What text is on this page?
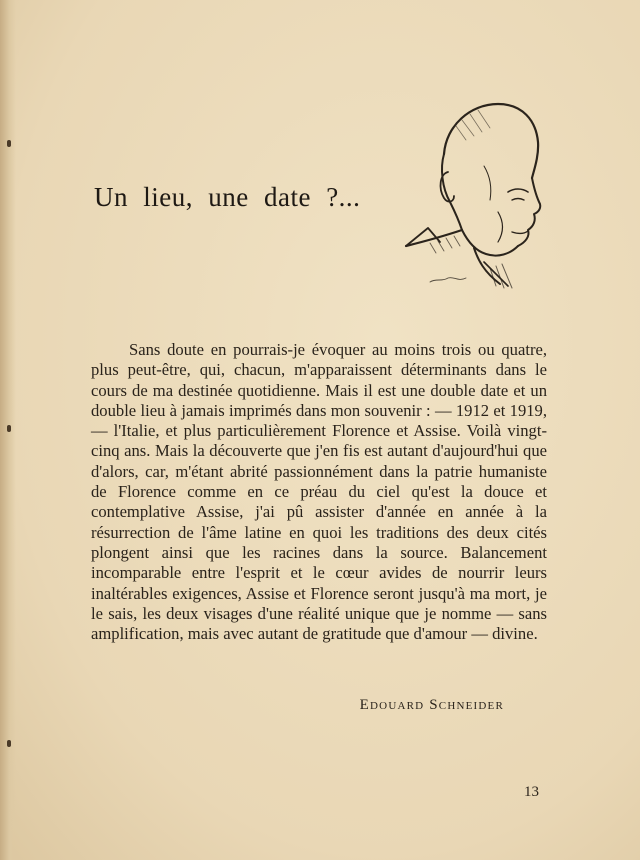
Un lieu, une date ?...

Sans doute en pourrais-je évoquer au moins trois ou quatre, plus peut-être, qui, chacun, m'apparaissent déterminants dans le cours de ma destinée quotidienne. Mais il est une double date et un double lieu à jamais imprimés dans mon souvenir : — 1912 et 1919, — l'Italie, et plus particulièrement Florence et Assise. Voilà vingt-cinq ans. Mais la découverte que j'en fis est autant d'aujourd'hui que d'alors, car, m'étant abrité passionnément dans la patrie humaniste de Florence comme en ce préau du ciel qu'est la douce et contemplative Assise, j'ai pû assister d'année en année à la résurrection de l'âme latine en quoi les traditions des deux cités plongent ainsi que les racines dans la source. Balancement incomparable entre l'esprit et le cœur avides de nourrir leurs inaltérables exigences, Assise et Florence seront jusqu'à ma mort, je le sais, les deux visages d'une réalité unique que je nomme — sans amplification, mais avec autant de gratitude que d'amour — divine.

Edouard Schneider
13
